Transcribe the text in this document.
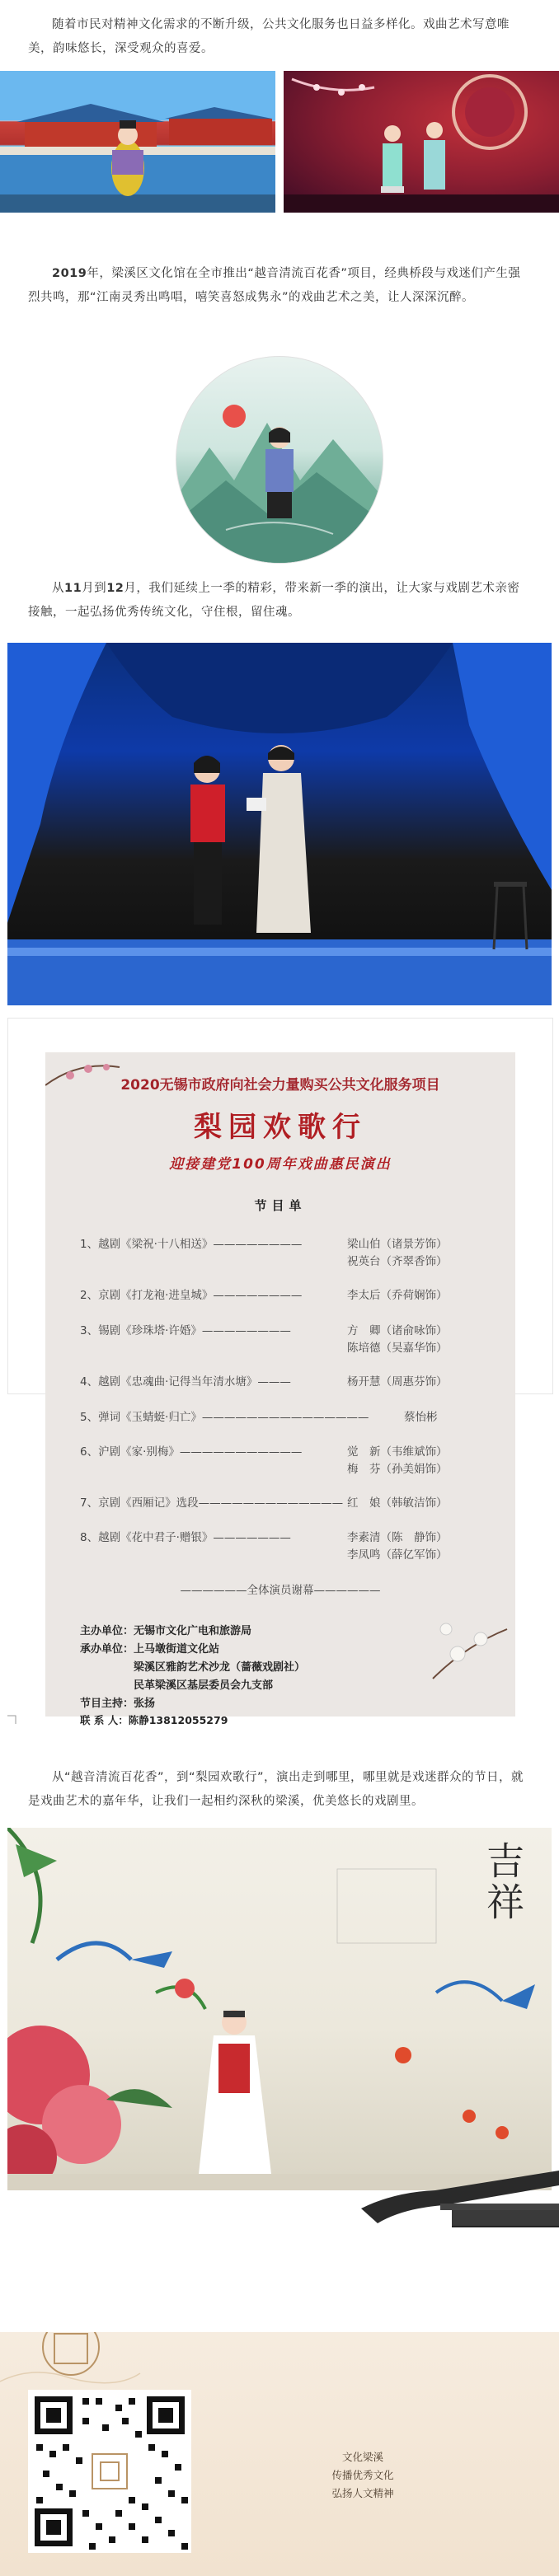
随着市民对精神文化需求的不断升级，公共文化服务也日益多样化。戏曲艺术写意唯美，韵味悠长，深受观众的喜爱。

2019年，梁溪区文化馆在全市推出“越音清流百花香”项目，经典桥段与戏迷们产生强烈共鸣，那“江南灵秀出鸣唱，嘻笑喜怒成隽永”的戏曲艺术之美，让人深深沉醉。

从11月到12月，我们延续上一季的精彩，带来新一季的演出，让大家与戏剧艺术亲密接触，一起弘扬优秀传统文化，守住根，留住魂。

2020无锡市政府向社会力量购买公共文化服务项目

梨园欢歌行

迎接建党100周年戏曲惠民演出

节目单

1、越剧《梁祝·十八相送》————————	梁山伯（诸景芳饰）

祝英台（齐翠香饰）

2、京剧《打龙袍·进皇城》————————	李太后（乔荷娴饰）

3、锡剧《珍珠塔·许婚》————————	方　卿（诸俞咏饰）

陈培德（吴嘉华饰）

4、越剧《忠魂曲·记得当年清水塘》———	杨开慧（周惠芬饰）

5、弹词《玉蜻蜓·归亡》———————————————	蔡怡彬

6、沪剧《家·别梅》———————————	觉　新（韦维斌饰）

梅　芬（孙美娟饰）

7、京剧《西厢记》选段————————————— 红　娘（韩敏洁饰）

8、越剧《花中君子·赠银》———————	李素清（陈　静饰）

李凤鸣（薛亿军饰）

——————全体演员谢幕——————

主办单位：无锡市文化广电和旅游局

承办单位：上马墩街道文化站

梁溪区雅韵艺术沙龙（蔷薇戏剧社）

民革梁溪区基层委员会九支部

节目主持：张扬

联 系 人：陈静13812055279

从“越音清流百花香”，到“梨园欢歌行”，演出走到哪里，哪里就是戏迷群众的节日，就是戏曲艺术的嘉年华，让我们一起相约深秋的梁溪，优美悠长的戏剧里。

吉祥

文化梁溪

传播优秀文化

弘扬人文精神
